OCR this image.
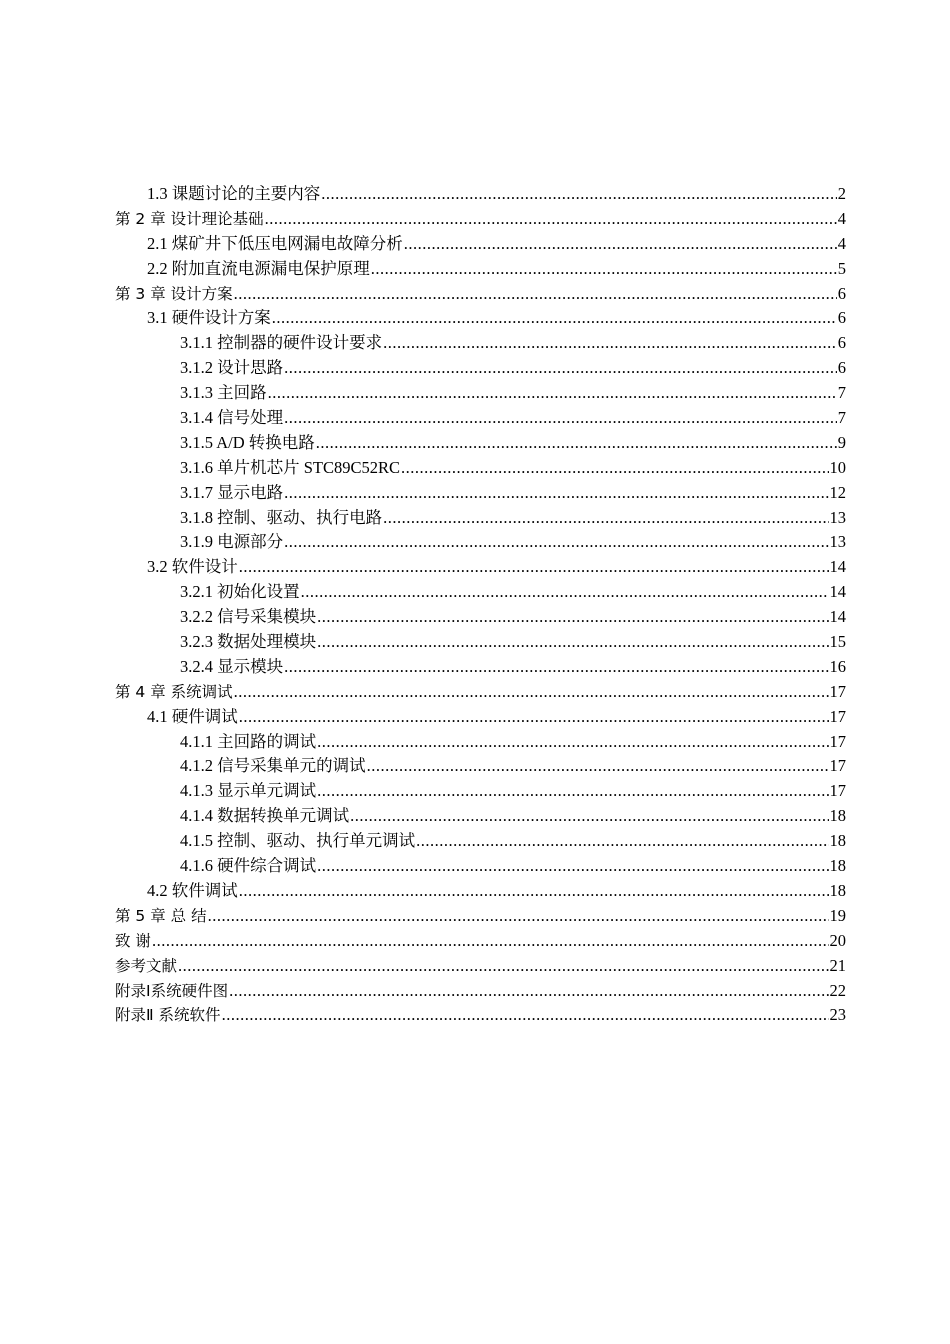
1.3 课题讨论的主要内容 .....	2
第 2 章 设计理论基础 .....	4
2.1 煤矿井下低压电网漏电故障分析 .....	4
2.2 附加直流电源漏电保护原理 .....	5
第 3 章 设计方案 .....	6
3.1 硬件设计方案 .....	6
3.1.1 控制器的硬件设计要求 .....	6
3.1.2 设计思路 .....	6
3.1.3 主回路 .....	7
3.1.4 信号处理 .....	7
3.1.5 A/D 转换电路 .....	9
3.1.6 单片机芯片 STC89C52RC .....	10
3.1.7 显示电路 .....	12
3.1.8 控制、驱动、执行电路 .....	13
3.1.9 电源部分 .....	13
3.2 软件设计 .....	14
3.2.1 初始化设置 .....	14
3.2.2 信号采集模块 .....	14
3.2.3 数据处理模块 .....	15
3.2.4 显示模块 .....	16
第 4 章 系统调试 .....	17
4.1 硬件调试 .....	17
4.1.1 主回路的调试 .....	17
4.1.2 信号采集单元的调试 .....	17
4.1.3 显示单元调试 .....	17
4.1.4 数据转换单元调试 .....	18
4.1.5 控制、驱动、执行单元调试 .....	18
4.1.6 硬件综合调试 .....	18
4.2 软件调试 .....	18
第 5 章 总 结 .....	19
致 谢 .....	20
参考文献 .....	21
附录Ⅰ系统硬件图 .....	22
附录Ⅱ 系统软件 .....	23
